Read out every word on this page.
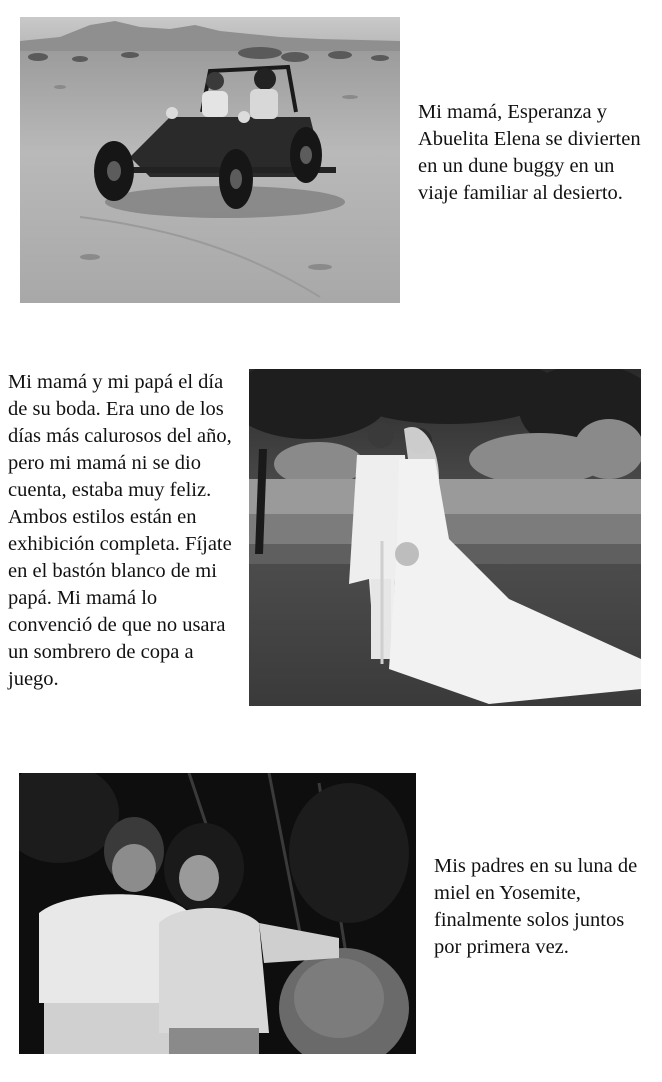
Mi mamá, Esperanza y Abuelita Elena se divierten en un dune buggy en un viaje familiar al desierto.

Mi mamá y mi papá el día de su boda. Era uno de los días más calurosos del año, pero mi mamá ni se dio cuenta, estaba muy feliz. Ambos estilos están en exhibición completa. Fíjate en el bastón blanco de mi papá. Mi mamá lo convenció de que no usara un sombrero de copa a juego.

Mis padres en su luna de miel en Yosemite, finalmente solos juntos por primera vez.
